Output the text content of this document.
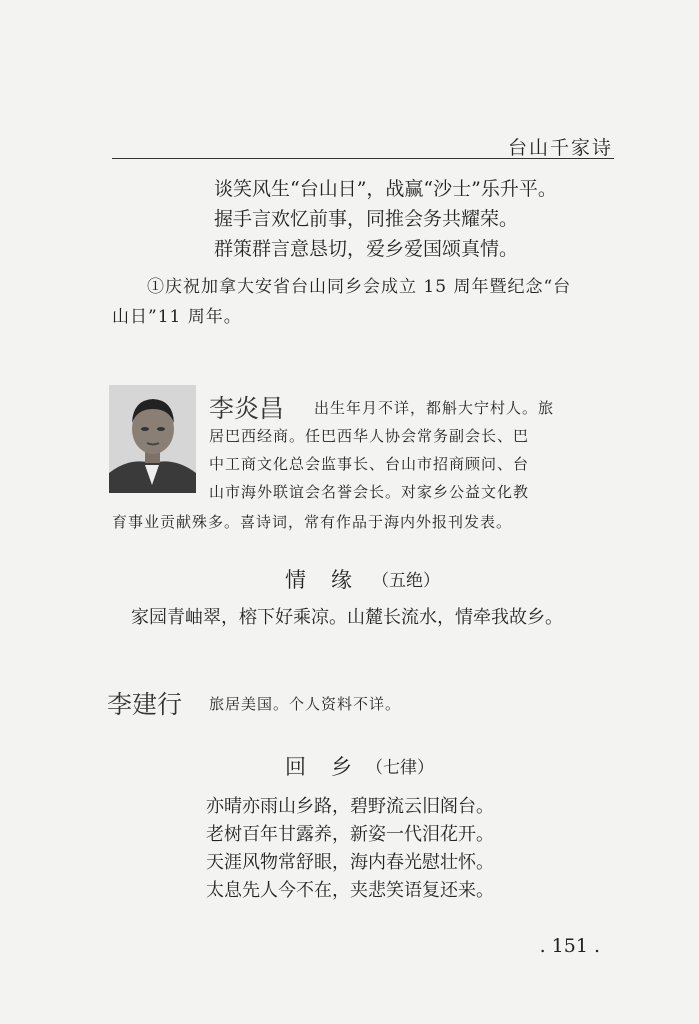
台山千家诗
谈笑风生“台山日”，战赢“沙士”乐升平。
握手言欢忆前事，同推会务共耀荣。
群策群言意恳切，爱乡爱国颂真情。
①庆祝加拿大安省台山同乡会成立 15 周年暨纪念“台
山日”11 周年。
李炎昌 出生年月不详，都斛大宁村人。旅
居巴西经商。任巴西华人协会常务副会长、巴
中工商文化总会监事长、台山市招商顾问、台
山市海外联谊会名誉会长。对家乡公益文化教
育事业贡献殊多。喜诗词，常有作品于海内外报刊发表。
情　缘 （五绝）
家园青岫翠，榕下好乘凉。山麓长流水，情牵我故乡。
李建行 旅居美国。个人资料不详。
回　乡 （七律）
亦晴亦雨山乡路，碧野流云旧阁台。
老树百年甘露养，新姿一代泪花开。
天涯风物常舒眼，海内春光慰壮怀。
太息先人今不在，夹悲笑语复还来。
. 151 .
